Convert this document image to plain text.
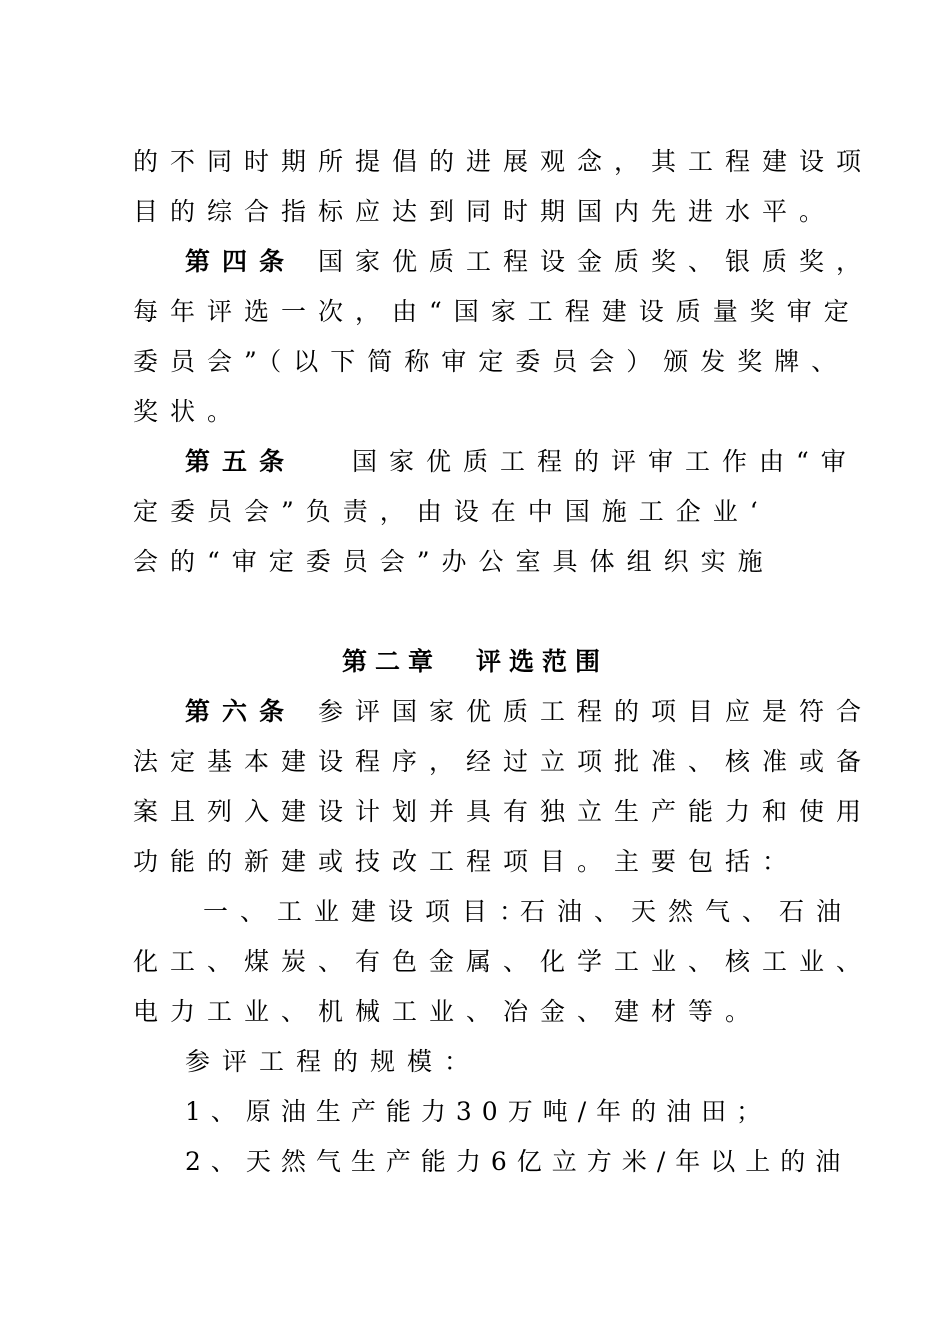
的不同时期所提倡的进展观念，其工程建设项
目的综合指标应达到同时期国内先进水平。
第四条 国家优质工程设金质奖、银质奖，
每年评选一次，由“国家工程建设质量奖审定
委员会”（以下简称审定委员会）颁发奖牌、
奖状。
第五条 国家优质工程的评审工作由“审
定委员会”负责，由设在中国施工企业‘
会的“审定委员会”办公室具体组织实施
第二章 评选范围
第六条 参评国家优质工程的项目应是符合
法定基本建设程序，经过立项批准、核准或备
案且列入建设计划并具有独立生产能力和使用
功能的新建或技改工程项目。主要包括：
一、工业建设项目：
石油、天然气、石油
化工、煤炭、有色金属、化学工业、核工业、
电力工业、机械工业、冶金、建材等。
参评工程的规模：
1、原油生产能力30万吨/年的油田；
2、天然气生产能力6亿立方米/年以上的油
